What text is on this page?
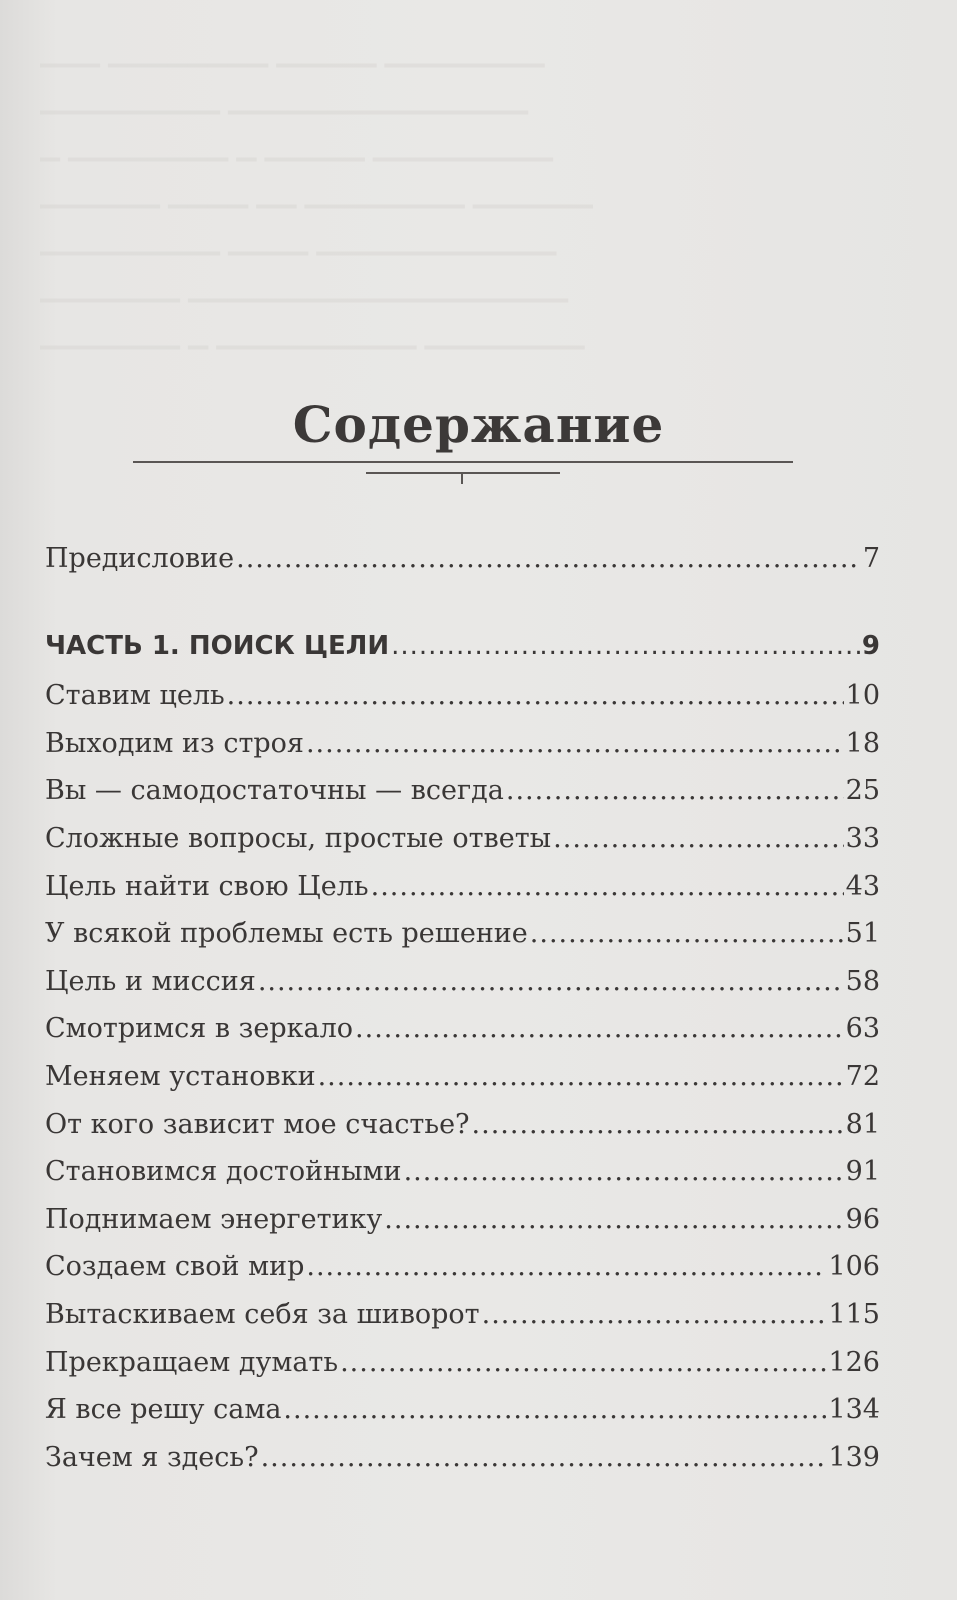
▁▁▁ ▁▁▁▁▁▁▁▁ ▁▁▁▁▁ ▁▁▁▁▁▁▁▁
▁▁▁▁▁▁▁▁▁ ▁▁▁▁▁▁▁▁▁▁▁▁▁▁▁
▁ ▁▁▁▁▁▁▁▁ ▁ ▁▁▁▁▁ ▁▁▁▁▁▁▁▁▁
▁▁▁▁▁▁ ▁▁▁▁ ▁▁ ▁▁▁▁▁▁▁▁ ▁▁▁▁▁▁
▁▁▁▁▁▁▁▁▁ ▁▁▁▁ ▁▁▁▁▁▁▁▁▁▁▁▁
▁▁▁▁▁▁▁ ▁▁▁▁▁▁▁▁▁▁▁▁▁▁▁▁▁▁▁
▁▁▁▁▁▁▁ ▁ ▁▁▁▁▁▁▁▁▁▁ ▁▁▁▁▁▁▁▁
Содержание
Предисловие .....	7
ЧАСТЬ 1. ПОИСК ЦЕЛИ .....	9
Ставим цель .....	10
Выходим из строя .....	18
Вы — самодостаточны — всегда .....	25
Сложные вопросы, простые ответы .....	33
Цель найти свою Цель .....	43
У всякой проблемы есть решение .....	51
Цель и миссия .....	58
Смотримся в зеркало .....	63
Меняем установки .....	72
От кого зависит мое счастье? .....	81
Становимся достойными .....	91
Поднимаем энергетику .....	96
Создаем свой мир .....	106
Вытаскиваем себя за шиворот .....	115
Прекращаем думать .....	126
Я все решу сама .....	134
Зачем я здесь? .....	139
